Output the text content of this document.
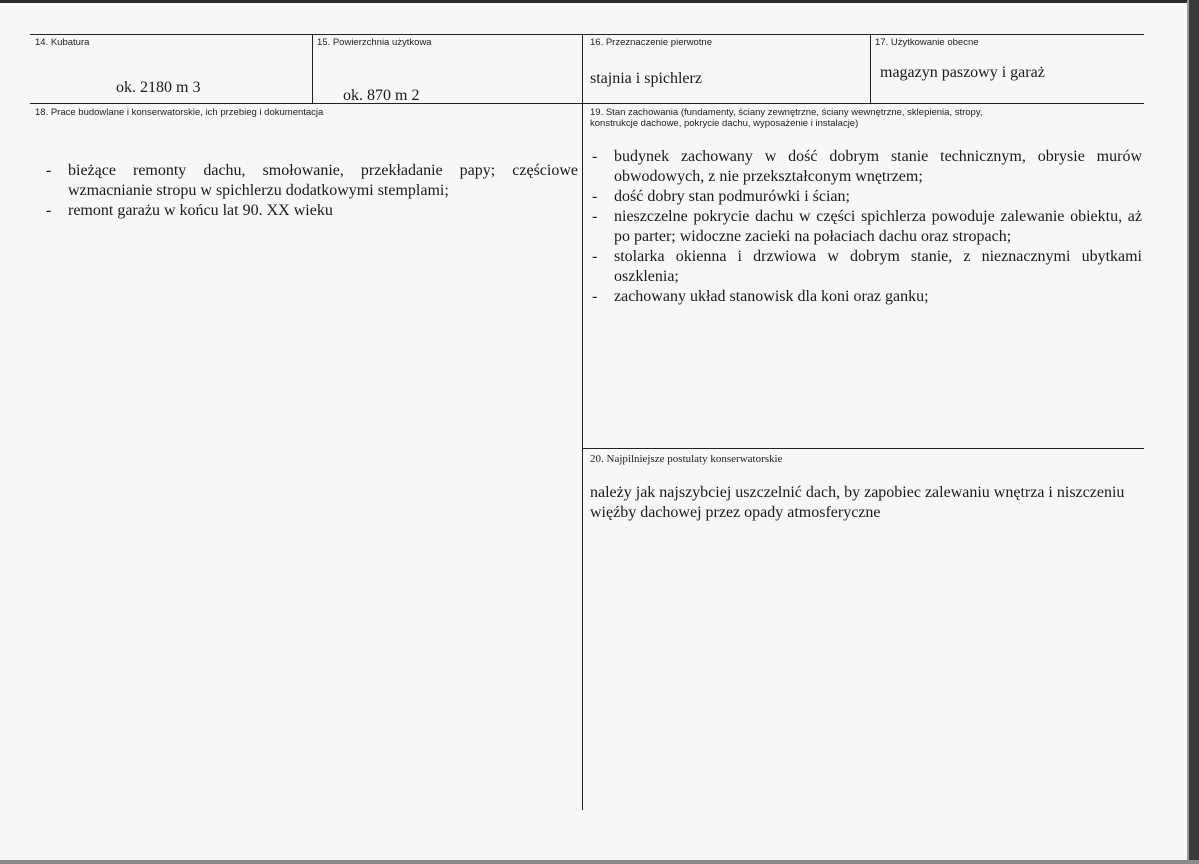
14. Kubatura
ok. 2180 m 3
15. Powierzchnia użytkowa
ok. 870 m 2
16. Przeznaczenie pierwotne
stajnia i spichlerz
17. Użytkowanie obecne
magazyn paszowy i garaż
18. Prace budowlane i konserwatorskie, ich przebieg i dokumentacja
- bieżące remonty dachu, smołowanie, przekładanie papy; częściowe wzmacnianie stropu w spichlerzu dodatkowymi stemplami;
- remont garażu w końcu lat 90. XX wieku
19. Stan zachowania (fundamenty, ściany zewnętrzne, ściany wewnętrzne, sklepienia, stropy,
konstrukcje dachowe, pokrycie dachu, wyposażenie i instalacje)
- budynek zachowany w dość dobrym stanie technicznym, obrysie murów obwodowych, z nie przekształconym wnętrzem;
- dość dobry stan podmurówki i ścian;
- nieszczelne pokrycie dachu w części spichlerza powoduje zalewanie obiektu, aż po parter; widoczne zacieki na połaciach dachu oraz stropach;
- stolarka okienna i drzwiowa w dobrym stanie, z nieznacznymi ubytkami oszklenia;
- zachowany układ stanowisk dla koni oraz ganku;
20. Najpilniejsze postulaty konserwatorskie
należy jak najszybciej uszczelnić dach, by zapobiec zalewaniu wnętrza i niszczeniu więźby dachowej przez opady atmosferyczne
